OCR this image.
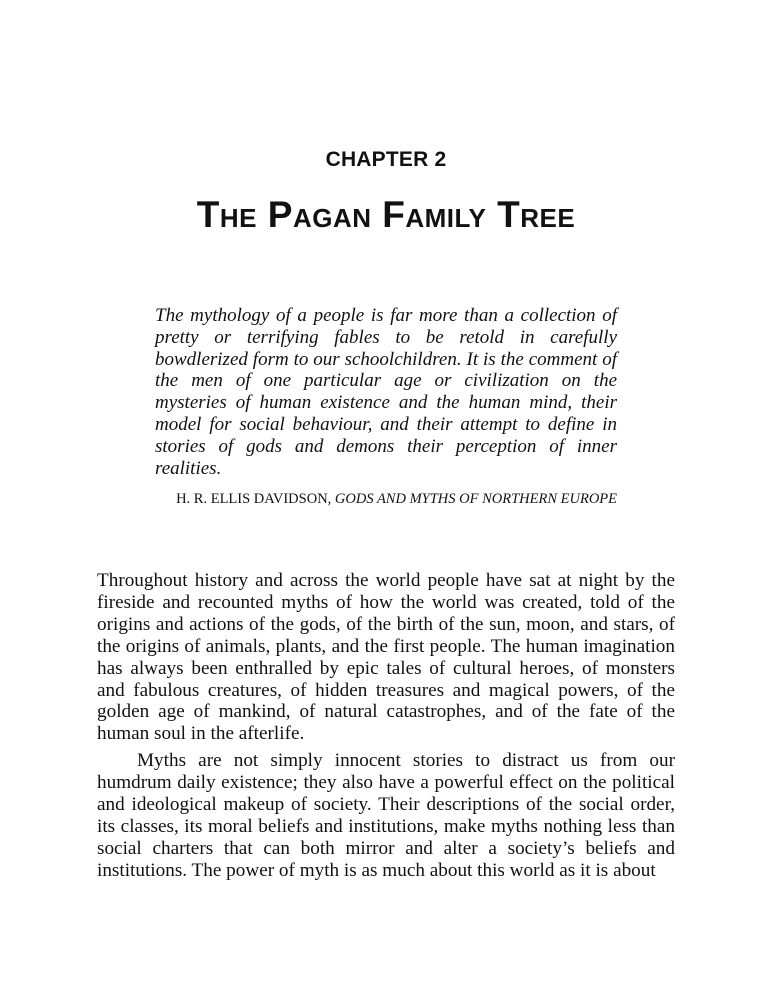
CHAPTER 2
The Pagan Family Tree

The mythology of a people is far more than a collection of pretty or terrifying fables to be retold in carefully bowdlerized form to our schoolchildren. It is the comment of the men of one particular age or civilization on the mysteries of human existence and the human mind, their model for social behaviour, and their attempt to define in stories of gods and demons their perception of inner realities.

H. R. ELLIS DAVIDSON, GODS AND MYTHS OF NORTHERN EUROPE

Throughout history and across the world people have sat at night by the fireside and recounted myths of how the world was created, told of the origins and actions of the gods, of the birth of the sun, moon, and stars, of the origins of animals, plants, and the first people. The human imagination has always been enthralled by epic tales of cultural heroes, of monsters and fabulous creatures, of hidden treasures and magical powers, of the golden age of mankind, of natural catastrophes, and of the fate of the human soul in the afterlife.

Myths are not simply innocent stories to distract us from our humdrum daily existence; they also have a powerful effect on the political and ideological makeup of society. Their descriptions of the social order, its classes, its moral beliefs and institutions, make myths nothing less than social charters that can both mirror and alter a society’s beliefs and institutions. The power of myth is as much about this world as it is about
